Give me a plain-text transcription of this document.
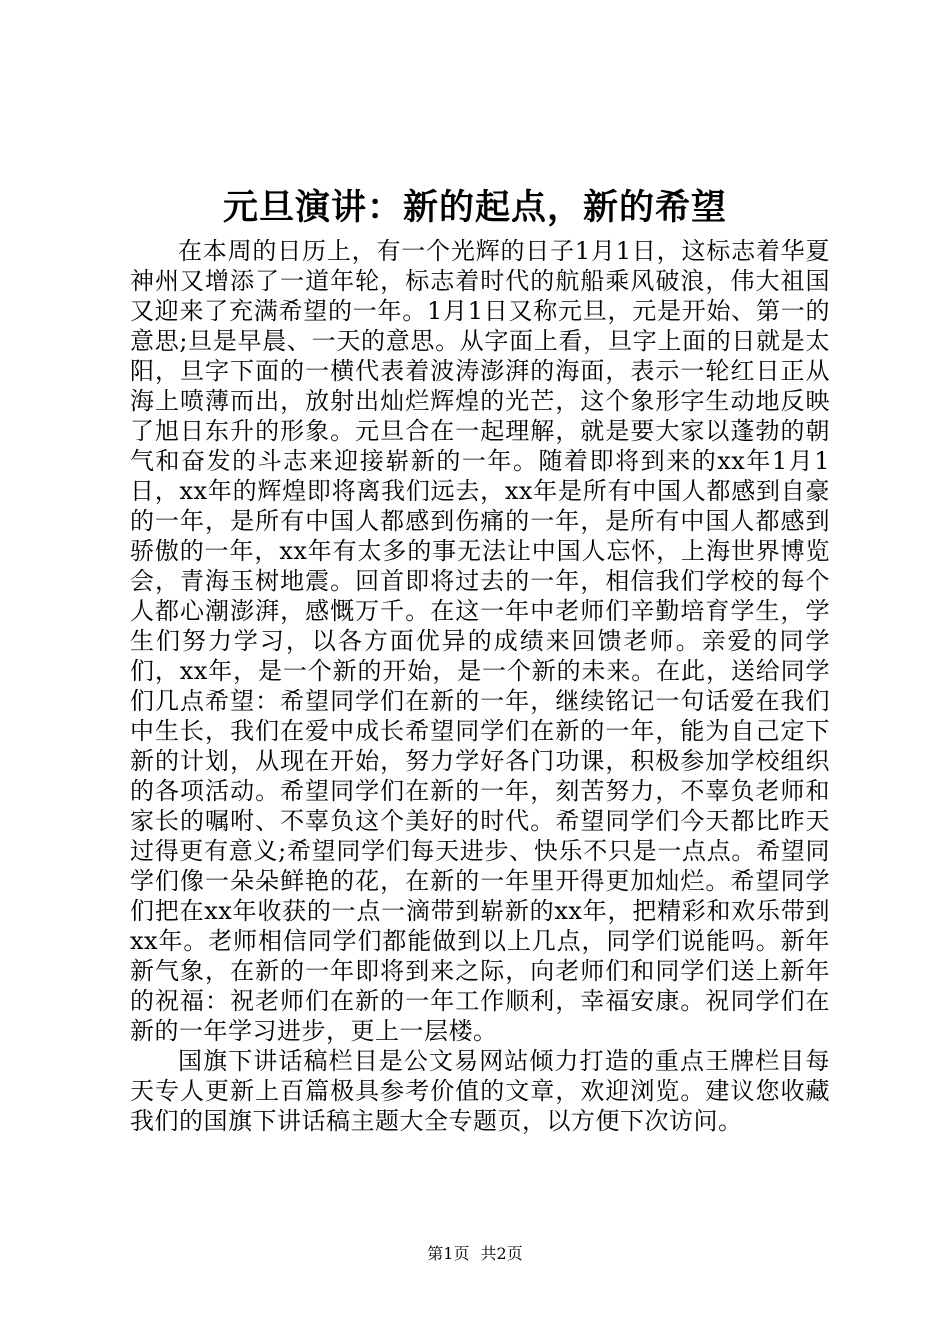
元旦演讲：新的起点，新的希望

在本周的日历上，有一个光辉的日子1月1日，这标志着华夏神州又增添了一道年轮，标志着时代的航船乘风破浪，伟大祖国又迎来了充满希望的一年。1月1日又称元旦，元是开始、第一的意思;旦是早晨、一天的意思。从字面上看，旦字上面的日就是太阳，旦字下面的一横代表着波涛澎湃的海面，表示一轮红日正从海上喷薄而出，放射出灿烂辉煌的光芒，这个象形字生动地反映了旭日东升的形象。元旦合在一起理解，就是要大家以蓬勃的朝气和奋发的斗志来迎接崭新的一年。随着即将到来的xx年1月1日，xx年的辉煌即将离我们远去，xx年是所有中国人都感到自豪的一年，是所有中国人都感到伤痛的一年，是所有中国人都感到骄傲的一年，xx年有太多的事无法让中国人忘怀，上海世界博览会，青海玉树地震。回首即将过去的一年，相信我们学校的每个人都心潮澎湃，感慨万千。在这一年中老师们辛勤培育学生，学生们努力学习，以各方面优异的成绩来回馈老师。亲爱的同学们，xx年，是一个新的开始，是一个新的未来。在此，送给同学们几点希望：希望同学们在新的一年，继续铭记一句话爱在我们中生长，我们在爱中成长希望同学们在新的一年，能为自己定下新的计划，从现在开始，努力学好各门功课，积极参加学校组织的各项活动。希望同学们在新的一年，刻苦努力，不辜负老师和家长的嘱咐、不辜负这个美好的时代。希望同学们今天都比昨天过得更有意义;希望同学们每天进步、快乐不只是一点点。希望同学们像一朵朵鲜艳的花，在新的一年里开得更加灿烂。希望同学们把在xx年收获的一点一滴带到崭新的xx年，把精彩和欢乐带到xx年。老师相信同学们都能做到以上几点，同学们说能吗。新年新气象，在新的一年即将到来之际，向老师们和同学们送上新年的祝福：祝老师们在新的一年工作顺利，幸福安康。祝同学们在新的一年学习进步，更上一层楼。

国旗下讲话稿栏目是公文易网站倾力打造的重点王牌栏目每天专人更新上百篇极具参考价值的文章，欢迎浏览。建议您收藏我们的国旗下讲话稿主题大全专题页，以方便下次访问。

第1页 共2页
